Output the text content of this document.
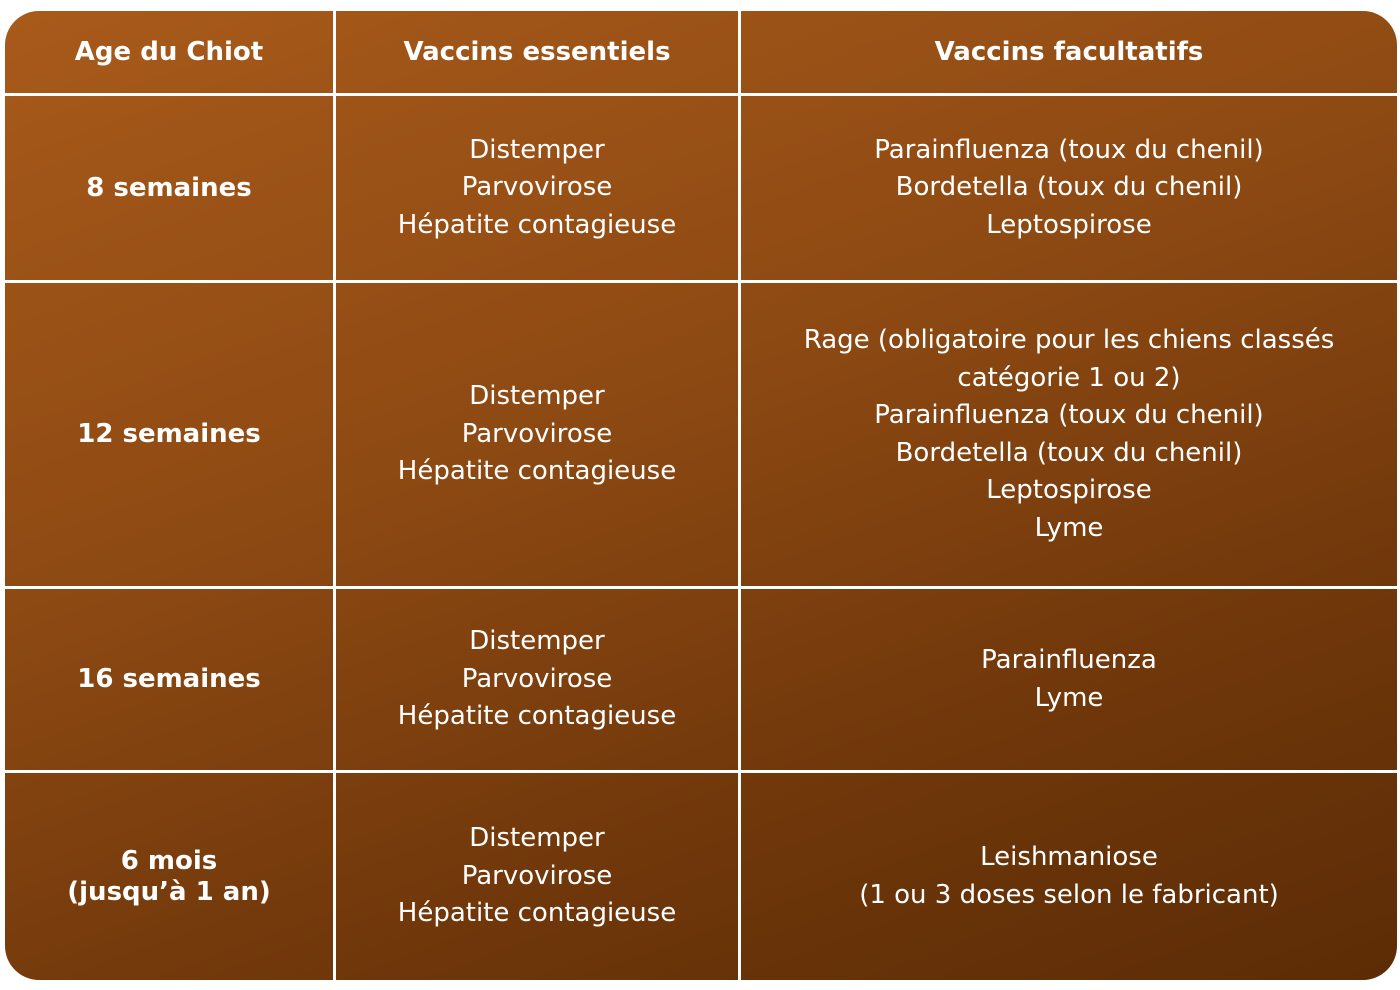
Age du Chiot	Vaccins essentiels	Vaccins facultatifs
8 semaines
Distemper
Parvovirose
Hépatite contagieuse
Parainfluenza (toux du chenil)
Bordetella (toux du chenil)
Leptospirose
12 semaines
Distemper
Parvovirose
Hépatite contagieuse
Rage (obligatoire pour les chiens classés
catégorie 1 ou 2)
Parainfluenza (toux du chenil)
Bordetella (toux du chenil)
Leptospirose
Lyme
16 semaines
Distemper
Parvovirose
Hépatite contagieuse
Parainfluenza
Lyme
6 mois
(jusqu’à 1 an)
Distemper
Parvovirose
Hépatite contagieuse
Leishmaniose
(1 ou 3 doses selon le fabricant)
